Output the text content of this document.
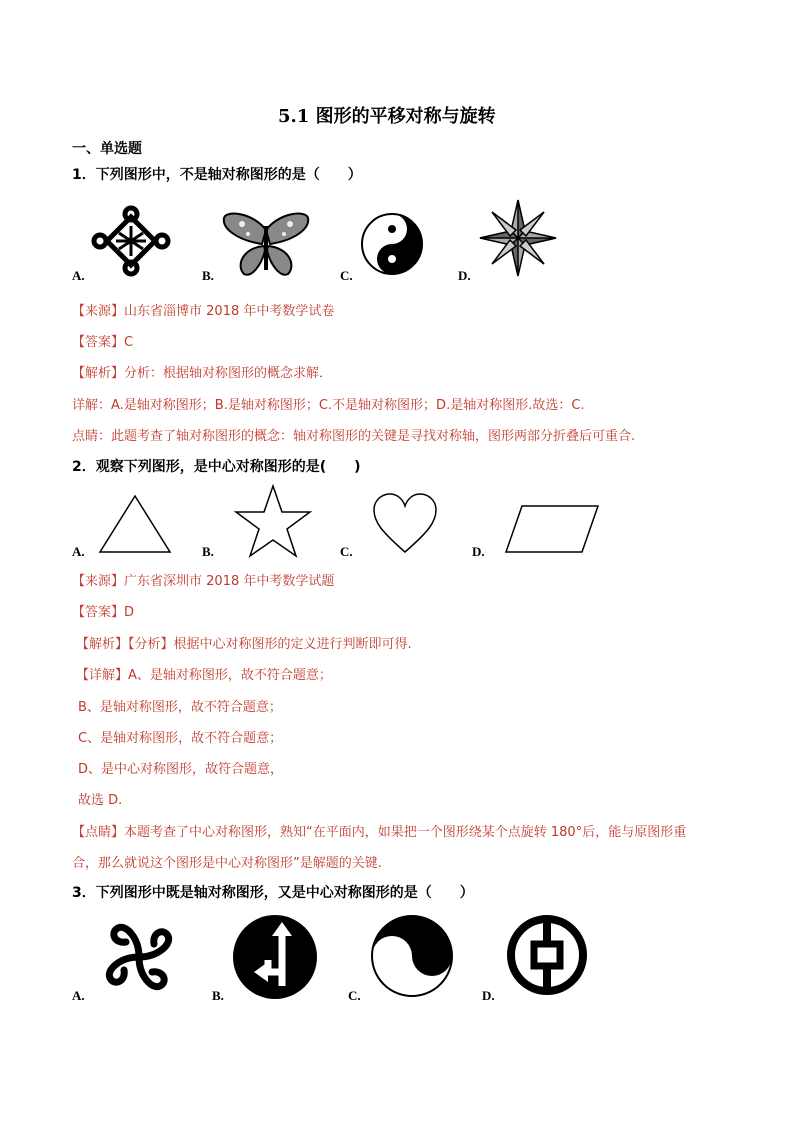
5.1 图形的平移对称与旋转
一、单选题
1．下列图形中，不是轴对称图形的是（　　）
A.	B.	C.	D.
【来源】山东省淄博市 2018 年中考数学试卷
【答案】C
【解析】分析：根据轴对称图形的概念求解．
详解：A.是轴对称图形；B.是轴对称图形；C.不是轴对称图形；D.是轴对称图形.故选：C.
点睛：此题考查了轴对称图形的概念：轴对称图形的关键是寻找对称轴，图形两部分折叠后可重合.
2．观察下列图形，是中心对称图形的是(　　)
A.	B.	C.	D.
【来源】广东省深圳市 2018 年中考数学试题
【答案】D
【解析】【分析】根据中心对称图形的定义进行判断即可得.
【详解】A、是轴对称图形，故不符合题意；
B、是轴对称图形，故不符合题意；
C、是轴对称图形，故不符合题意；
D、是中心对称图形，故符合题意，
故选 D.
【点睛】本题考查了中心对称图形，熟知“在平面内，如果把一个图形绕某个点旋转 180°后，能与原图形重
合，那么就说这个图形是中心对称图形”是解题的关键.
3．下列图形中既是轴对称图形，又是中心对称图形的是（　　）
A.	B.	C.	D.
